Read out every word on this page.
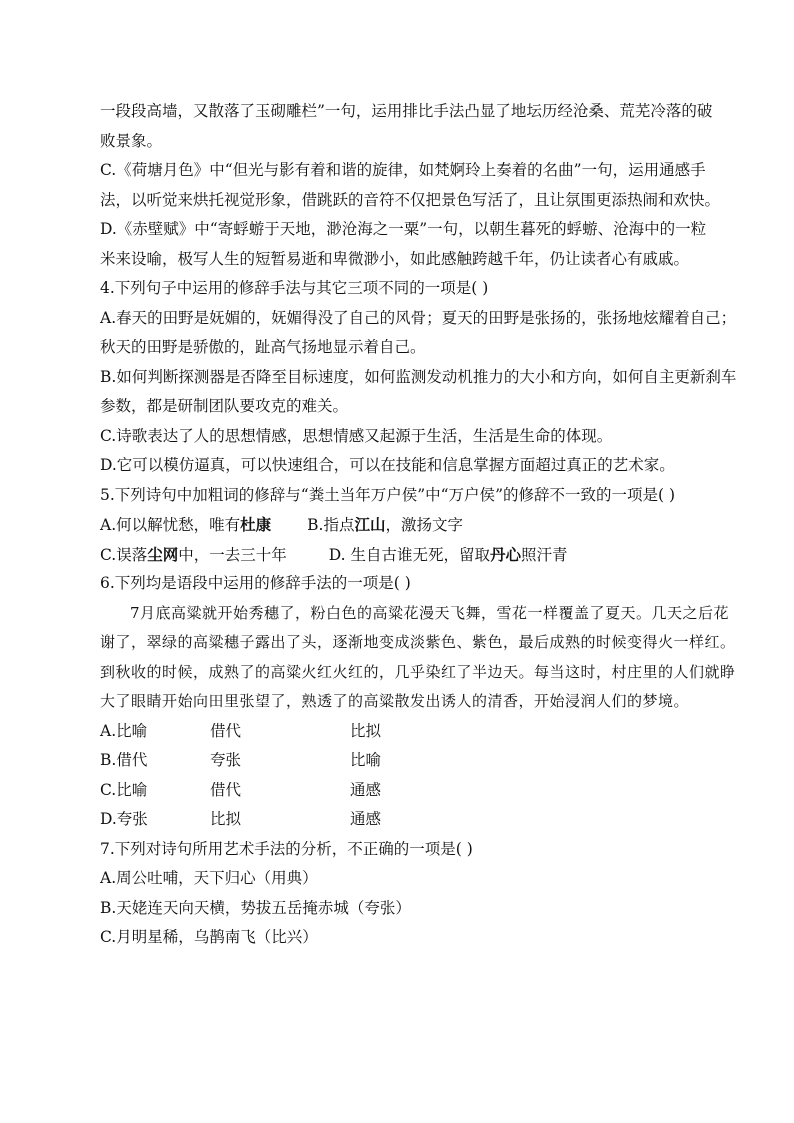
一段段高墙，又散落了玉砌雕栏”一句，运用排比手法凸显了地坛历经沧桑、荒芜冷落的破
败景象。
C.《荷塘月色》中“但光与影有着和谐的旋律，如梵婀玲上奏着的名曲”一句，运用通感手
法，以听觉来烘托视觉形象，借跳跃的音符不仅把景色写活了，且让氛围更添热闹和欢快。
D.《赤壁赋》中“寄蜉蝣于天地，渺沧海之一粟”一句，以朝生暮死的蜉蝣、沧海中的一粒
米来设喻，极写人生的短暂易逝和卑微渺小，如此感触跨越千年，仍让读者心有戚戚。
4.下列句子中运用的修辞手法与其它三项不同的一项是( )
A.春天的田野是妩媚的，妩媚得没了自己的风骨；夏天的田野是张扬的，张扬地炫耀着自己；
秋天的田野是骄傲的，趾高气扬地显示着自己。
B.如何判断探测器是否降至目标速度，如何监测发动机推力的大小和方向，如何自主更新刹车
参数，都是研制团队要攻克的难关。
C.诗歌表达了人的思想情感，思想情感又起源于生活，生活是生命的体现。
D.它可以模仿逼真，可以快速组合，可以在技能和信息掌握方面超过真正的艺术家。
5.下列诗句中加粗词的修辞与“粪土当年万户侯”中“万户侯”的修辞不一致的一项是( )
A.何以解忧愁，唯有杜康 B.指点江山，激扬文字
C.误落尘网中，一去三十年	D. 生自古谁无死，留取丹心照汗青
6.下列均是语段中运用的修辞手法的一项是( )
7月底高粱就开始秀穗了，粉白色的高粱花漫天飞舞，雪花一样覆盖了夏天。几天之后花
谢了，翠绿的高粱穗子露出了头，逐渐地变成淡紫色、紫色，最后成熟的时候变得火一样红。
到秋收的时候，成熟了的高粱火红火红的，几乎染红了半边天。每当这时，村庄里的人们就睁
大了眼睛开始向田里张望了，熟透了的高粱散发出诱人的清香，开始浸润人们的梦境。
A.比喻	借代	比拟
B.借代	夸张	比喻
C.比喻	借代	通感
D.夸张	比拟	通感
7.下列对诗句所用艺术手法的分析，不正确的一项是( )
A.周公吐哺，天下归心（用典）
B.天姥连天向天横，势拔五岳掩赤城（夸张）
C.月明星稀，乌鹊南飞（比兴）
